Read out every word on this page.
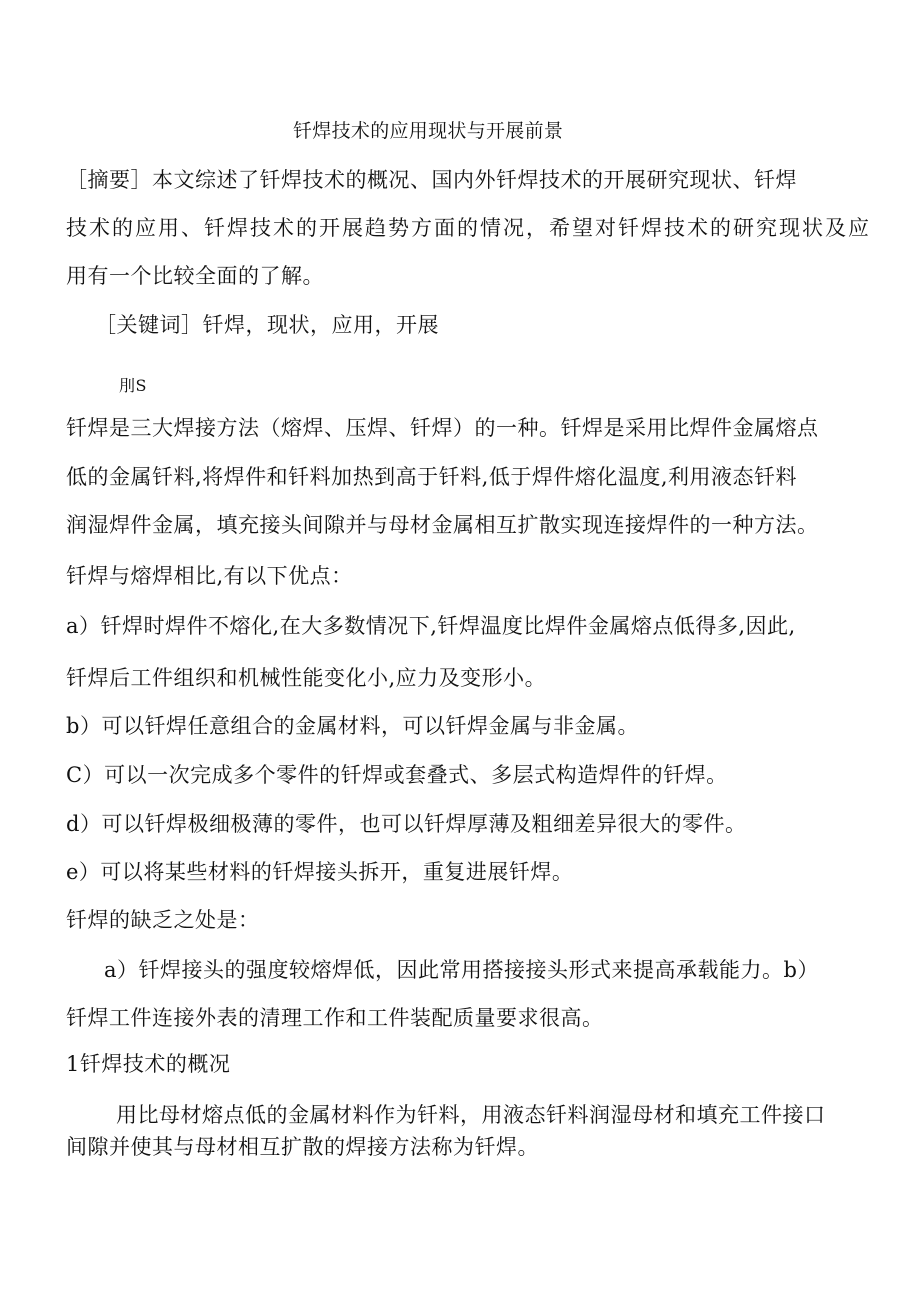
钎焊技术的应用现状与开展前景
［摘要］本文综述了钎焊技术的概况、国内外钎焊技术的开展研究现状、钎焊
技术的应用、钎焊技术的开展趋势方面的情况，希望对钎焊技术的研究现状及应
用有一个比较全面的了解。
［关键词］钎焊，现状，应用，开展
刖S
钎焊是三大焊接方法（熔焊、压焊、钎焊）的一种。钎焊是采用比焊件金属熔点
低的金属钎料,将焊件和钎料加热到高于钎料,低于焊件熔化温度,利用液态钎料
润湿焊件金属，填充接头间隙并与母材金属相互扩散实现连接焊件的一种方法。
钎焊与熔焊相比,有以下优点：
a）钎焊时焊件不熔化,在大多数情况下,钎焊温度比焊件金属熔点低得多,因此,
钎焊后工件组织和机械性能变化小,应力及变形小。
b）可以钎焊任意组合的金属材料，可以钎焊金属与非金属。
C）可以一次完成多个零件的钎焊或套叠式、多层式构造焊件的钎焊。
d）可以钎焊极细极薄的零件，也可以钎焊厚薄及粗细差异很大的零件。
e）可以将某些材料的钎焊接头拆开，重复进展钎焊。
钎焊的缺乏之处是：
a）钎焊接头的强度较熔焊低，因此常用搭接接头形式来提高承载能力。b）
钎焊工件连接外表的清理工作和工件装配质量要求很高。
1钎焊技术的概况
用比母材熔点低的金属材料作为钎料，用液态钎料润湿母材和填充工件接口
间隙并使其与母材相互扩散的焊接方法称为钎焊。
